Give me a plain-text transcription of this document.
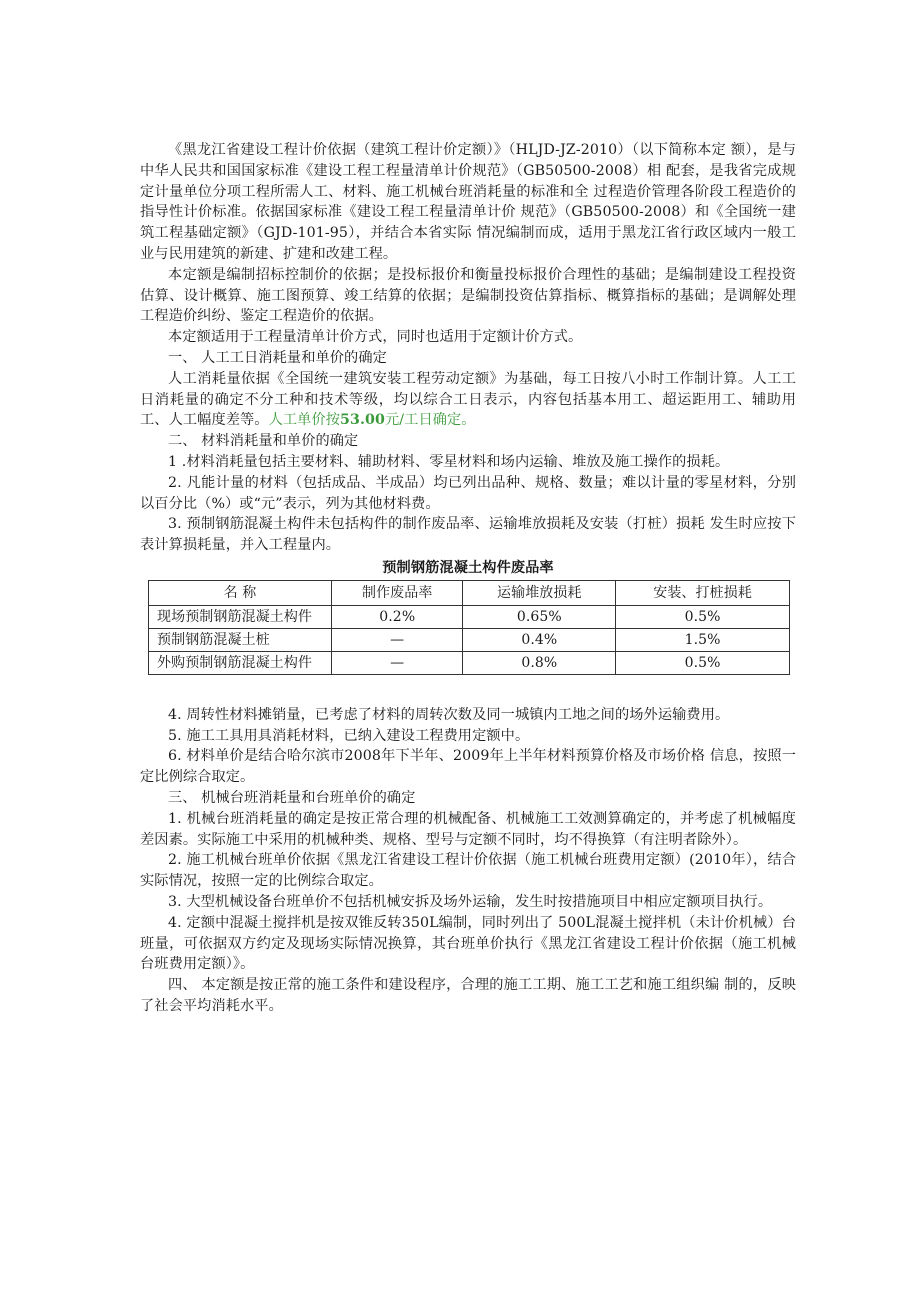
《黑龙江省建设工程计价依据（建筑工程计价定额）》（HLJD-JZ-2010）（以下简称本定 额），是与中华人民共和国国家标准《建设工程工程量清单计价规范》（GB50500-2008）相 配套，是我省完成规定计量单位分项工程所需人工、材料、施工机械台班消耗量的标准和全 过程造价管理各阶段工程造价的指导性计价标准。依据国家标准《建设工程工程量清单计价 规范》（GB50500-2008）和《全国统一建筑工程基础定额》（GJD-101-95），并结合本省实际 情况编制而成，适用于黑龙江省行政区域内一般工业与民用建筑的新建、扩建和改建工程。

本定额是编制招标控制价的依据；是投标报价和衡量投标报价合理性的基础；是编制建设工程投资估算、设计概算、施工图预算、竣工结算的依据；是编制投资估算指标、概算指标的基础；是调解处理工程造价纠纷、鉴定工程造价的依据。

本定额适用于工程量清单计价方式，同时也适用于定额计价方式。

一、 人工工日消耗量和单价的确定

人工消耗量依据《全国统一建筑安装工程劳动定额》为基础，每工日按八小时工作制计算。人工工日消耗量的确定不分工种和技术等级，均以综合工日表示，内容包括基本用工、超运距用工、辅助用工、人工幅度差等。人工单价按53.00元/工日确定。

二、 材料消耗量和单价的确定

1 .材料消耗量包括主要材料、辅助材料、零星材料和场内运输、堆放及施工操作的损耗。

2. 凡能计量的材料（包括成品、半成品）均已列出品种、规格、数量；难以计量的零星材料，分别以百分比（%）或“元”表示，列为其他材料费。

3. 预制钢筋混凝土构件未包括构件的制作废品率、运输堆放损耗及安装（打桩）损耗 发生时应按下表计算损耗量，并入工程量内。

预制钢筋混凝土构件废品率
名 称	制作废品率	运输堆放损耗	安装、打桩损耗
现场预制钢筋混凝土构件	0.2%	0.65%	0.5%
预制钢筋混凝土桩	—	0.4%	1.5%
外购预制钢筋混凝土构件	—	0.8%	0.5%

4. 周转性材料摊销量，已考虑了材料的周转次数及同一城镇内工地之间的场外运输费用。

5. 施工工具用具消耗材料，已纳入建设工程费用定额中。

6. 材料单价是结合哈尔滨市2008年下半年、2009年上半年材料预算价格及市场价格 信息，按照一定比例综合取定。

三、 机械台班消耗量和台班单价的确定

1. 机械台班消耗量的确定是按正常合理的机械配备、机械施工工效测算确定的，并考虑了机械幅度差因素。实际施工中采用的机械种类、规格、型号与定额不同时，均不得换算（有注明者除外）。

2. 施工机械台班单价依据《黑龙江省建设工程计价依据（施工机械台班费用定额）(2010年），结合实际情况，按照一定的比例综合取定。

3. 大型机械设备台班单价不包括机械安拆及场外运输，发生时按措施项目中相应定额项目执行。

4. 定额中混凝土搅拌机是按双锥反转350L编制，同时列出了 500L混凝土搅拌机（未计价机械）台班量，可依据双方约定及现场实际情况换算，其台班单价执行《黑龙江省建设工程计价依据（施工机械台班费用定额）》。

四、 本定额是按正常的施工条件和建设程序，合理的施工工期、施工工艺和施工组织编 制的，反映了社会平均消耗水平。
